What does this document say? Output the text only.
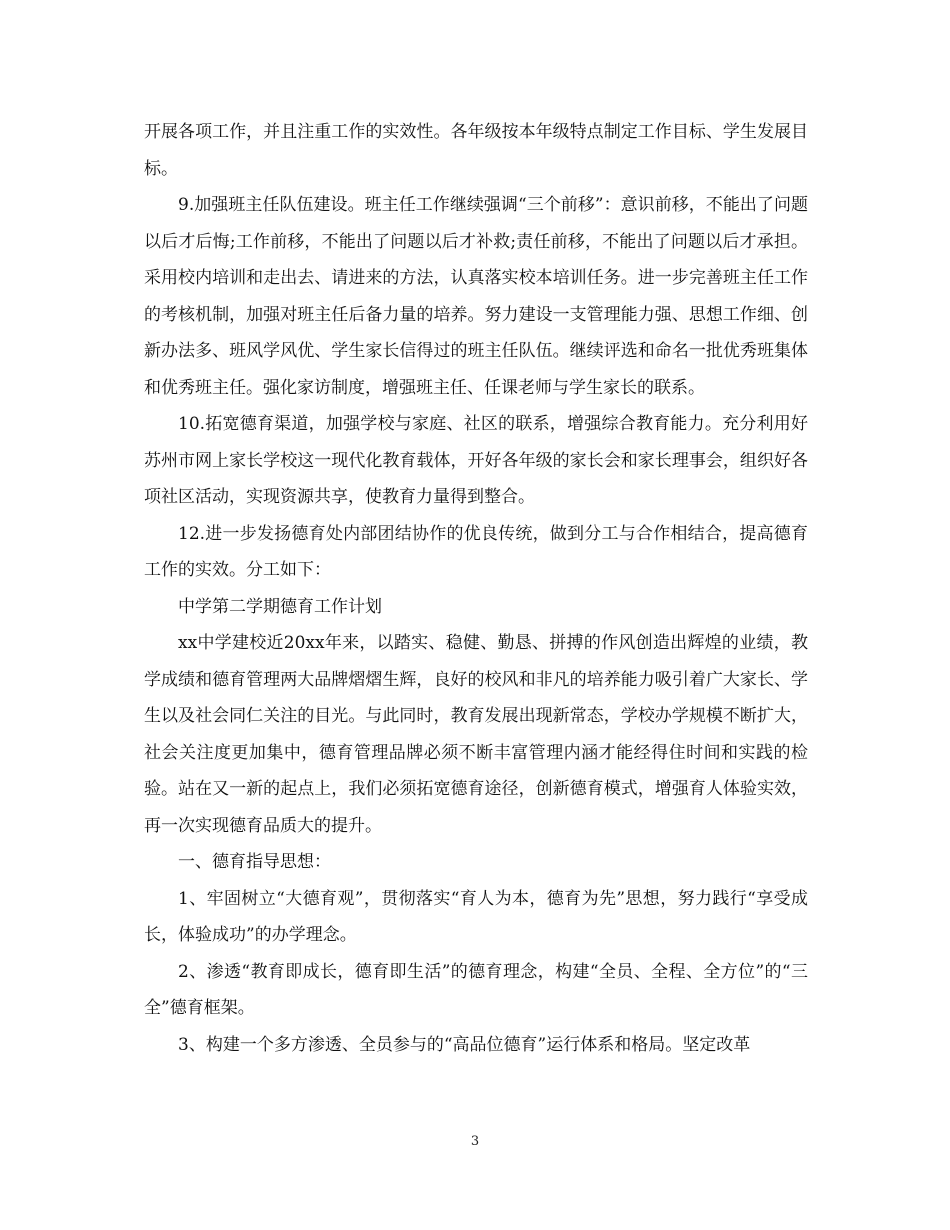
开展各项工作，并且注重工作的实效性。各年级按本年级特点制定工作目标、学生发展目标。

9.加强班主任队伍建设。班主任工作继续强调“三个前移”：意识前移，不能出了问题以后才后悔;工作前移，不能出了问题以后才补救;责任前移，不能出了问题以后才承担。采用校内培训和走出去、请进来的方法，认真落实校本培训任务。进一步完善班主任工作的考核机制，加强对班主任后备力量的培养。努力建设一支管理能力强、思想工作细、创新办法多、班风学风优、学生家长信得过的班主任队伍。继续评选和命名一批优秀班集体和优秀班主任。强化家访制度，增强班主任、任课老师与学生家长的联系。

10.拓宽德育渠道，加强学校与家庭、社区的联系，增强综合教育能力。充分利用好苏州市网上家长学校这一现代化教育载体，开好各年级的家长会和家长理事会，组织好各项社区活动，实现资源共享，使教育力量得到整合。

12.进一步发扬德育处内部团结协作的优良传统，做到分工与合作相结合，提高德育工作的实效。分工如下：

中学第二学期德育工作计划

xx中学建校近20xx年来，以踏实、稳健、勤恳、拼搏的作风创造出辉煌的业绩，教学成绩和德育管理两大品牌熠熠生辉，良好的校风和非凡的培养能力吸引着广大家长、学生以及社会同仁关注的目光。与此同时，教育发展出现新常态，学校办学规模不断扩大，社会关注度更加集中，德育管理品牌必须不断丰富管理内涵才能经得住时间和实践的检验。站在又一新的起点上，我们必须拓宽德育途径，创新德育模式，增强育人体验实效，再一次实现德育品质大的提升。

一、德育指导思想：

1、牢固树立“大德育观”，贯彻落实“育人为本，德育为先”思想，努力践行“享受成长，体验成功”的办学理念。

2、渗透“教育即成长，德育即生活”的德育理念，构建“全员、全程、全方位”的“三全”德育框架。

3、构建一个多方渗透、全员参与的“高品位德育”运行体系和格局。坚定改革

3
